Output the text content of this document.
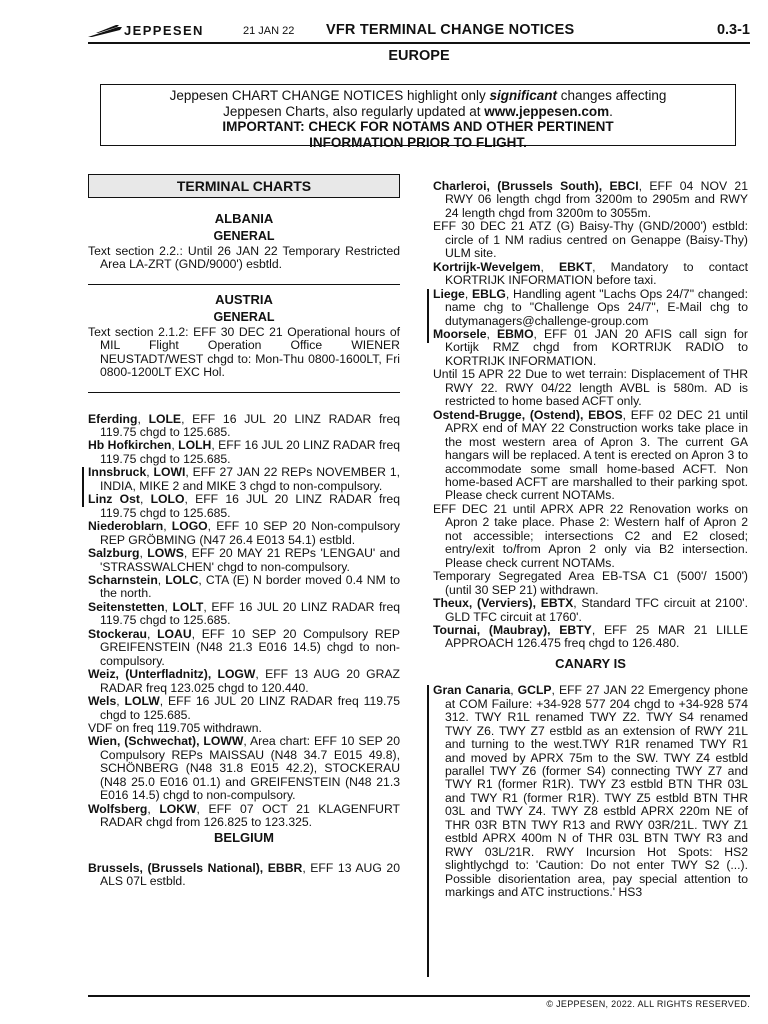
JEPPESEN	21 JAN 22 VFR TERMINAL CHANGE NOTICES	0.3-1
EUROPE
Jeppesen CHART CHANGE NOTICES highlight only significant changes affecting
Jeppesen Charts, also regularly updated at www.jeppesen.com.
IMPORTANT: CHECK FOR NOTAMS AND OTHER PERTINENT
INFORMATION PRIOR TO FLIGHT.
TERMINAL CHARTS
ALBANIA
GENERAL
Text section 2.2.: Until 26 JAN 22 Temporary Restricted Area LA-ZRT (GND/9000') esbtld.
AUSTRIA
GENERAL
Text section 2.1.2: EFF 30 DEC 21 Operational hours of MIL Flight Operation Office WIENER NEUSTADT/WEST chgd to: Mon-Thu 0800-1600LT, Fri 0800-1200LT EXC Hol.
Eferding, LOLE, EFF 16 JUL 20 LINZ RADAR freq 119.75 chgd to 125.685.
Hb Hofkirchen, LOLH, EFF 16 JUL 20 LINZ RADAR freq 119.75 chgd to 125.685.
Innsbruck, LOWI, EFF 27 JAN 22 REPs NOVEMBER 1, INDIA, MIKE 2 and MIKE 3 chgd to non-compulsory.
Linz Ost, LOLO, EFF 16 JUL 20 LINZ RADAR freq 119.75 chgd to 125.685.
Niederoblarn, LOGO, EFF 10 SEP 20 Non-compulsory REP GRÖBMING (N47 26.4 E013 54.1) estbld.
Salzburg, LOWS, EFF 20 MAY 21 REPs 'LENGAU' and 'STRASSWALCHEN' chgd to non-compulsory.
Scharnstein, LOLC, CTA (E) N border moved 0.4 NM to the north.
Seitenstetten, LOLT, EFF 16 JUL 20 LINZ RADAR freq 119.75 chgd to 125.685.
Stockerau, LOAU, EFF 10 SEP 20 Compulsory REP GREIFENSTEIN (N48 21.3 E016 14.5) chgd to non-compulsory.
Weiz, (Unterfladnitz), LOGW, EFF 13 AUG 20 GRAZ RADAR freq 123.025 chgd to 120.440.
Wels, LOLW, EFF 16 JUL 20 LINZ RADAR freq 119.75 chgd to 125.685.
VDF on freq 119.705 withdrawn.
Wien, (Schwechat), LOWW, Area chart: EFF 10 SEP 20 Compulsory REPs MAISSAU (N48 34.7 E015 49.8), SCHÖNBERG (N48 31.8 E015 42.2), STOCKERAU (N48 25.0 E016 01.1) and GREIFENSTEIN (N48 21.3 E016 14.5) chgd to non-compulsory.
Wolfsberg, LOKW, EFF 07 OCT 21 KLAGENFURT RADAR chgd from 126.825 to 123.325.
BELGIUM
Brussels, (Brussels National), EBBR, EFF 13 AUG 20 ALS 07L estbld.
Charleroi, (Brussels South), EBCI, EFF 04 NOV 21 RWY 06 length chgd from 3200m to 2905m and RWY 24 length chgd from 3200m to 3055m.
EFF 30 DEC 21 ATZ (G) Baisy-Thy (GND/2000') estbld: circle of 1 NM radius centred on Genappe (Baisy-Thy) ULM site.
Kortrijk-Wevelgem, EBKT, Mandatory to contact KORTRIJK INFORMATION before taxi.
Liege, EBLG, Handling agent "Lachs Ops 24/7" changed: name chg to "Challenge Ops 24/7", E-Mail chg to dutymanagers@challenge-group.com
Moorsele, EBMO, EFF 01 JAN 20 AFIS call sign for Kortijk RMZ chgd from KORTRIJK RADIO to KORTRIJK INFORMATION.
Until 15 APR 22 Due to wet terrain: Displacement of THR RWY 22. RWY 04/22 length AVBL is 580m. AD is restricted to home based ACFT only.
Ostend-Brugge, (Ostend), EBOS, EFF 02 DEC 21 until APRX end of MAY 22 Construction works take place in the most western area of Apron 3. The current GA hangars will be replaced. A tent is erected on Apron 3 to accommodate some small home-based ACFT. Non home-based ACFT are marshalled to their parking spot. Please check current NOTAMs.
EFF DEC 21 until APRX APR 22 Renovation works on Apron 2 take place. Phase 2: Western half of Apron 2 not accessible; intersections C2 and E2 closed; entry/exit to/from Apron 2 only via B2 intersection. Please check current NOTAMs.
Temporary Segregated Area EB-TSA C1 (500'/ 1500') (until 30 SEP 21) withdrawn.
Theux, (Verviers), EBTX, Standard TFC circuit at 2100'. GLD TFC circuit at 1760'.
Tournai, (Maubray), EBTY, EFF 25 MAR 21 LILLE APPROACH 126.475 freq chgd to 126.480.
CANARY IS
Gran Canaria, GCLP, EFF 27 JAN 22 Emergency phone at COM Failure: +34-928 577 204 chgd to +34-928 574 312. TWY R1L renamed TWY Z2. TWY S4 renamed TWY Z6. TWY Z7 estbld as an extension of RWY 21L and turning to the west.TWY R1R renamed TWY R1 and moved by APRX 75m to the SW. TWY Z4 estbld parallel TWY Z6 (former S4) connecting TWY Z7 and TWY R1 (former R1R). TWY Z3 estbld BTN THR 03L and TWY R1 (former R1R). TWY Z5 estbld BTN THR 03L and TWY Z4. TWY Z8 estbld APRX 220m NE of THR 03R BTN TWY R13 and RWY 03R/21L. TWY Z1 estbld APRX 400m N of THR 03L BTN TWY R3 and RWY 03L/21R. RWY Incursion Hot Spots: HS2 slightlychgd to: 'Caution: Do not enter TWY S2 (...). Possible disorientation area, pay special attention to markings and ATC instructions.' HS3
© JEPPESEN, 2022. ALL RIGHTS RESERVED.
